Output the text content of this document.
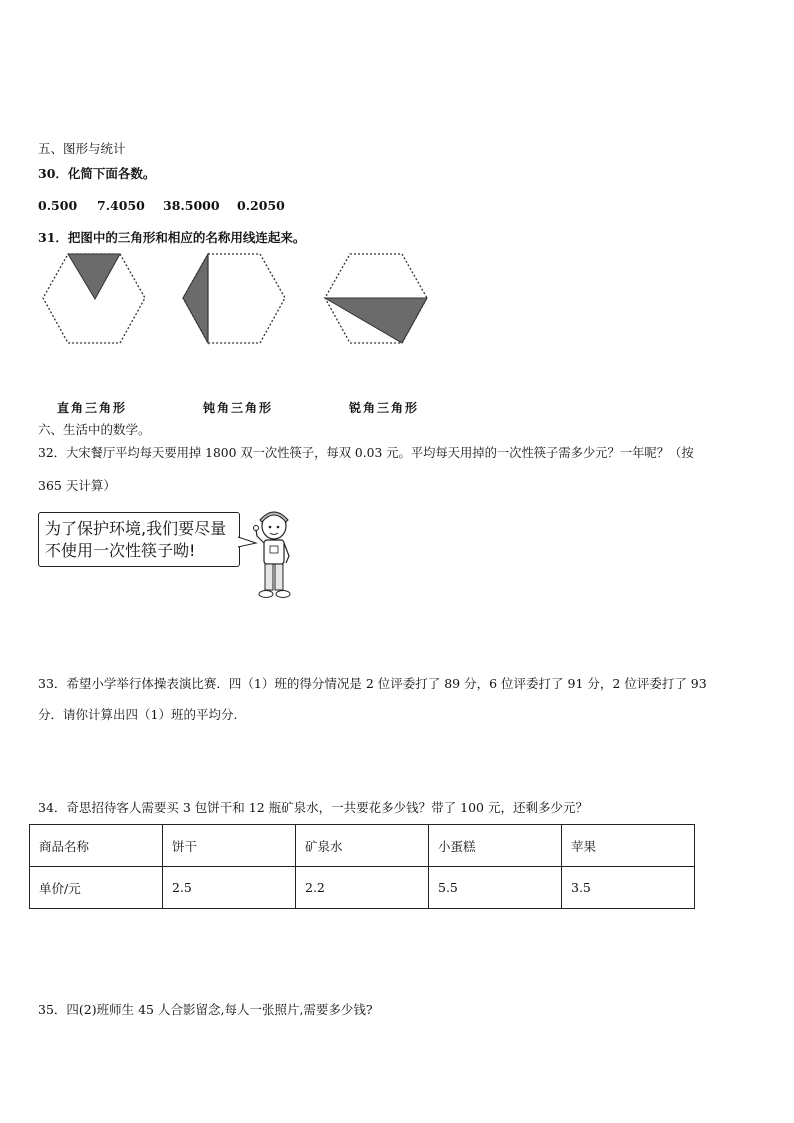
五、图形与统计
30．化简下面各数。
0.500 7.4050 38.5000 0.2050
31．把图中的三角形和相应的名称用线连起来。
直角三角形	钝角三角形	锐角三角形
六、生活中的数学。
32．大宋餐厅平均每天要用掉 1800 双一次性筷子，每双 0.03 元。平均每天用掉的一次性筷子需多少元？一年呢？（按
365 天计算）
为了保护环境,我们要尽量
不使用一次性筷子呦!
33．希望小学举行体操表演比赛．四（1）班的得分情况是 2 位评委打了 89 分，6 位评委打了 91 分，2 位评委打了 93
分．请你计算出四（1）班的平均分.
34．奇思招待客人需要买 3 包饼干和 12 瓶矿泉水，一共要花多少钱？带了 100 元，还剩多少元？
商品名称	饼干	矿泉水	小蛋糕	苹果
单价/元	2.5	2.2	5.5	3.5
35．四(2)班师生 45 人合影留念,每人一张照片,需要多少钱?
